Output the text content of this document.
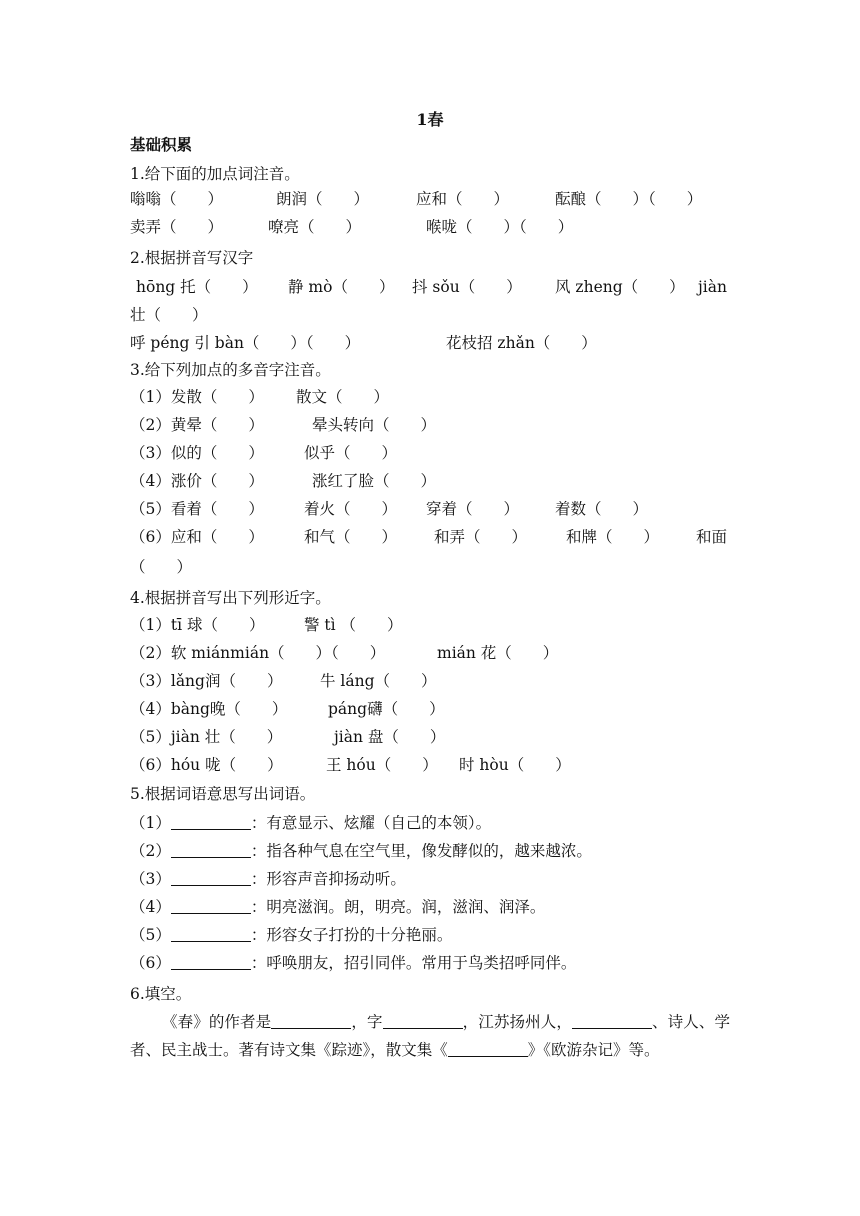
1春
基础积累
1.给下面的加点词注音。
嗡嗡（　　）	朗润（　　）	应和（　　）	酝酿（　　）（　　）
卖弄（　　）	嘹亮（　　）	喉咙（　　）（　　）
2.根据拼音写汉字
hōng 托（　　） 静 mò（　　） 抖 sǒu（　　） 风 zheng（　　） jiàn
壮（　　）
呼 péng 引 bàn（　　）（　　）	花枝招 zhǎn（　　）
3.给下列加点的多音字注音。
（1）发散（　　） 散文（　　）
（2）黄晕（　　）	晕头转向（　　）
（3）似的（　　）	似乎（　　）
（4）涨价（　　）	涨红了脸（　　）
（5）看着（　　）	着火（　　） 穿着（　　） 着数（　　）
（6）应和（　　）	和气（　　） 和弄（　　）	和牌（　　） 和面
（　　）
4.根据拼音写出下列形近字。
（1）tī 球（　　）	警 tì （　　）
（2）软 miánmián（　　）（　　）	mián 花（　　）
（3）lǎng润（　　） 牛 láng（　　）
（4）bàng晚（　　）	páng礴（　　）
（5）jiàn 壮（　　）	jiàn 盘（　　）
（6）hóu 咙（　　）	王 hóu（　　） 时 hòu（　　）
5.根据词语意思写出词语。
（1）	：有意显示、炫耀（自己的本领）。
（2）	：指各种气息在空气里，像发酵似的，越来越浓。
（3）	：形容声音抑扬动听。
（4）	：明亮滋润。朗，明亮。润，滋润、润泽。
（5）	：形容女子打扮的十分艳丽。
（6）	：呼唤朋友，招引同伴。常用于鸟类招呼同伴。
6.填空。
《春》的作者是	，字	，江苏扬州人，	、诗人、学者、民主战士。著有诗文集《踪迹》，散文集《	》《欧游杂记》等。
